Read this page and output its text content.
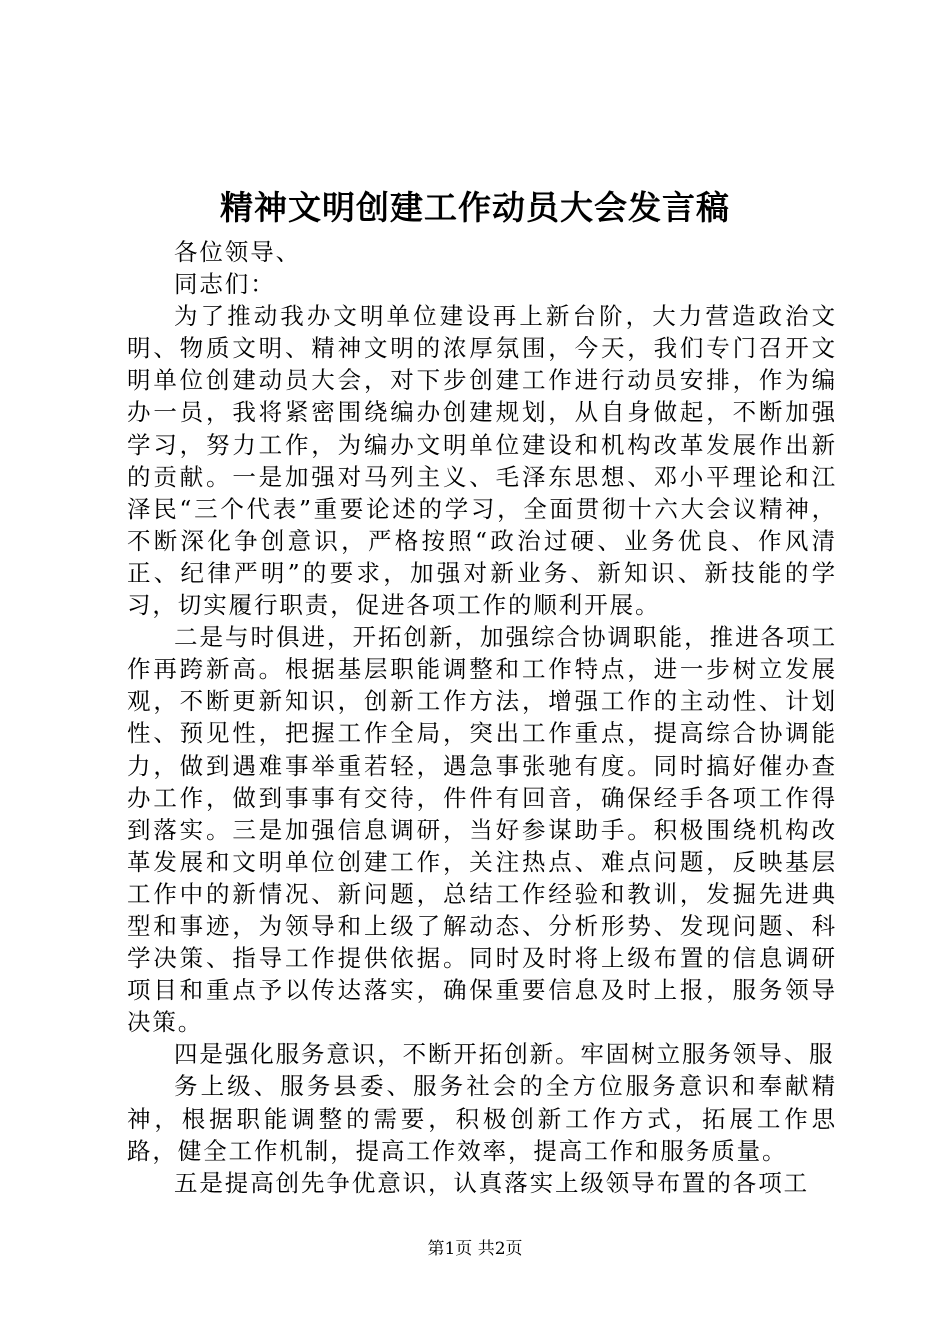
精神文明创建工作动员大会发言稿

各位领导、

同志们：

为了推动我办文明单位建设再上新台阶，大力营造政治文明、物质文明、精神文明的浓厚氛围，今天，我们专门召开文明单位创建动员大会，对下步创建工作进行动员安排，作为编办一员，我将紧密围绕编办创建规划，从自身做起，不断加强学习，努力工作，为编办文明单位建设和机构改革发展作出新的贡献。一是加强对马列主义、毛泽东思想、邓小平理论和江泽民“三个代表”重要论述的学习，全面贯彻十六大会议精神，不断深化争创意识，严格按照“政治过硬、业务优良、作风清正、纪律严明”的要求，加强对新业务、新知识、新技能的学习，切实履行职责，促进各项工作的顺利开展。

二是与时俱进，开拓创新，加强综合协调职能，推进各项工作再跨新高。根据基层职能调整和工作特点，进一步树立发展观，不断更新知识，创新工作方法，增强工作的主动性、计划性、预见性，把握工作全局，突出工作重点，提高综合协调能力，做到遇难事举重若轻，遇急事张驰有度。同时搞好催办查办工作，做到事事有交待，件件有回音，确保经手各项工作得到落实。三是加强信息调研，当好参谋助手。积极围绕机构改革发展和文明单位创建工作，关注热点、难点问题，反映基层工作中的新情况、新问题，总结工作经验和教训，发掘先进典型和事迹，为领导和上级了解动态、分析形势、发现问题、科学决策、指导工作提供依据。同时及时将上级布置的信息调研项目和重点予以传达落实，确保重要信息及时上报，服务领导决策。

四是强化服务意识，不断开拓创新。牢固树立服务领导、服

务上级、服务县委、服务社会的全方位服务意识和奉献精神，根据职能调整的需要，积极创新工作方式，拓展工作思路，健全工作机制，提高工作效率，提高工作和服务质量。

五是提高创先争优意识，认真落实上级领导布置的各项工

第1页 共2页
